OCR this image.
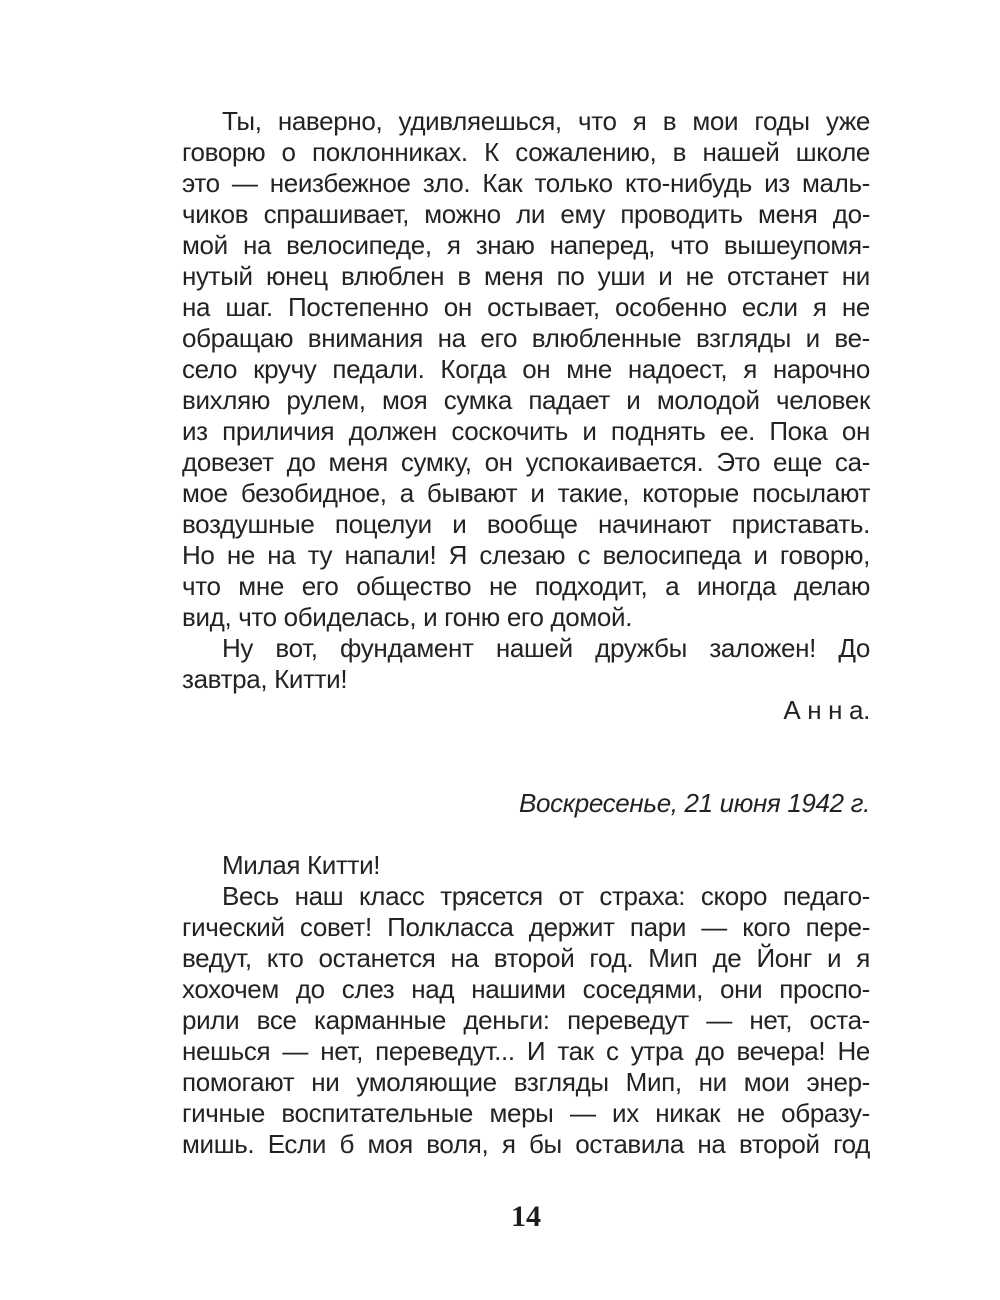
Ты, наверно, удивляешься, что я в мои годы уже
говорю о поклонниках. К сожалению, в нашей школе
это — неизбежное зло. Как только кто-нибудь из маль-
чиков спрашивает, можно ли ему проводить меня до-
мой на велосипеде, я знаю наперед, что вышеупомя-
нутый юнец влюблен в меня по уши и не отстанет ни
на шаг. Постепенно он остывает, особенно если я не
обращаю внимания на его влюбленные взгляды и ве-
село кручу педали. Когда он мне надоест, я нарочно
вихляю рулем, моя сумка падает и молодой человек
из приличия должен соскочить и поднять ее. Пока он
довезет до меня сумку, он успокаивается. Это еще са-
мое безобидное, а бывают и такие, которые посылают
воздушные поцелуи и вообще начинают приставать.
Но не на ту напали! Я слезаю с велосипеда и говорю,
что мне его общество не подходит, а иногда делаю
вид, что обиделась, и гоню его домой.
Ну вот, фундамент нашей дружбы заложен! До
завтра, Китти!
А н н а.
Воскресенье, 21 июня 1942 г.
Милая Китти!
Весь наш класс трясется от страха: скоро педаго-
гический совет! Полкласса держит пари — кого пере-
ведут, кто останется на второй год. Мип де Йонг и я
хохочем до слез над нашими соседями, они проспо-
рили все карманные деньги: переведут — нет, оста-
нешься — нет, переведут... И так с утра до вечера! Не
помогают ни умоляющие взгляды Мип, ни мои энер-
гичные воспитательные меры — их никак не образу-
мишь. Если б моя воля, я бы оставила на второй год
14
